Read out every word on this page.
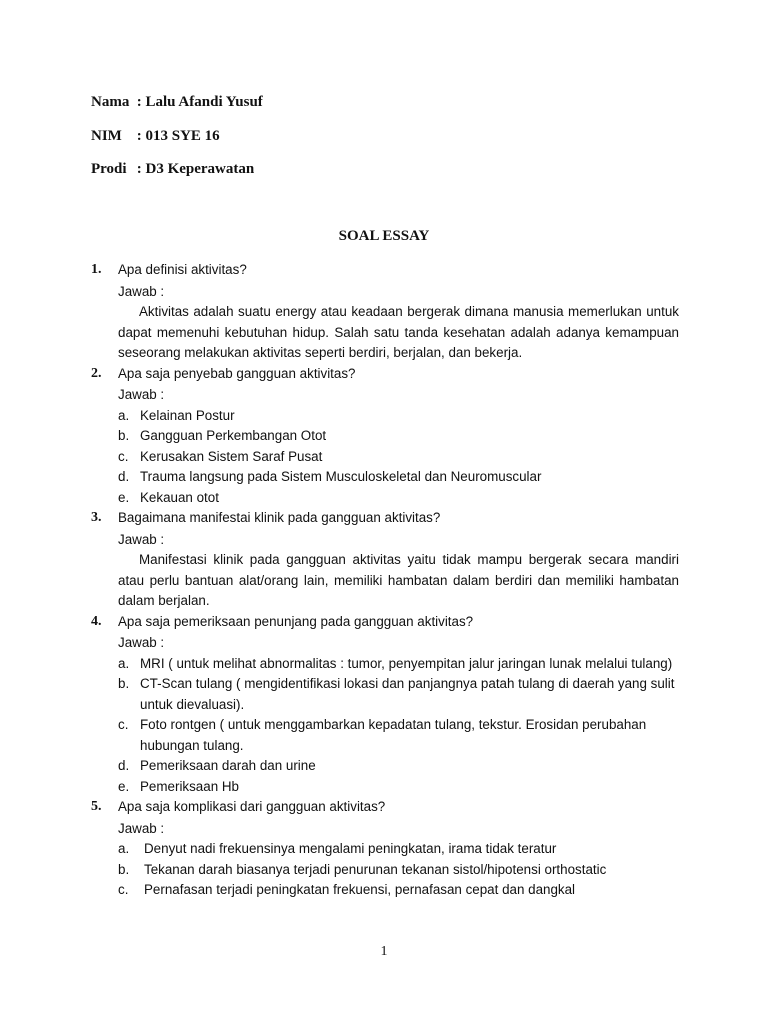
Nama : Lalu Afandi Yusuf
NIM : 013 SYE 16
Prodi : D3 Keperawatan
SOAL ESSAY
1. Apa definisi aktivitas?
Jawab :
Aktivitas adalah suatu energy atau keadaan bergerak dimana manusia memerlukan untuk dapat memenuhi kebutuhan hidup. Salah satu tanda kesehatan adalah adanya kemampuan seseorang melakukan aktivitas seperti berdiri, berjalan, dan bekerja.
2. Apa saja penyebab gangguan aktivitas?
Jawab :
a. Kelainan Postur
b. Gangguan Perkembangan Otot
c. Kerusakan Sistem Saraf Pusat
d. Trauma langsung pada Sistem Musculoskeletal dan Neuromuscular
e. Kekauan otot
3. Bagaimana manifestai klinik pada gangguan aktivitas?
Jawab :
Manifestasi klinik pada gangguan aktivitas yaitu tidak mampu bergerak secara mandiri atau perlu bantuan alat/orang lain, memiliki hambatan dalam berdiri dan memiliki hambatan dalam berjalan.
4. Apa saja pemeriksaan penunjang pada gangguan aktivitas?
Jawab :
a. MRI ( untuk melihat abnormalitas : tumor, penyempitan jalur jaringan lunak melalui tulang)
b. CT-Scan tulang ( mengidentifikasi lokasi dan panjangnya patah tulang di daerah yang sulit untuk dievaluasi).
c. Foto rontgen ( untuk menggambarkan kepadatan tulang, tekstur. Erosidan perubahan hubungan tulang.
d. Pemeriksaan darah dan urine
e. Pemeriksaan Hb
5. Apa saja komplikasi dari gangguan aktivitas?
Jawab :
a. Denyut nadi frekuensinya mengalami peningkatan, irama tidak teratur
b. Tekanan darah biasanya terjadi penurunan tekanan sistol/hipotensi orthostatic
c. Pernafasan terjadi peningkatan frekuensi, pernafasan cepat dan dangkal
1
